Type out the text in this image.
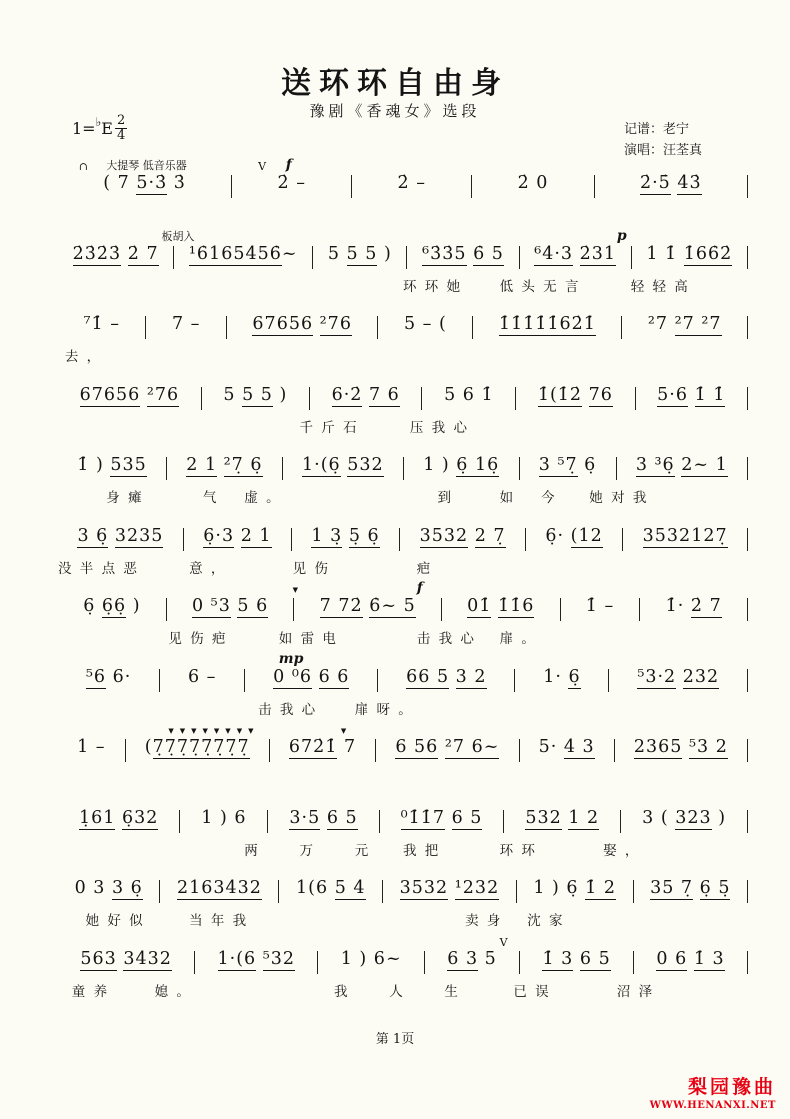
送环环自由身
豫剧《香魂女》选段
1= ♭ E $\frac{2}{4}$	记谱：老宁
演唱：汪荃真
∩ 大提琴 低音乐器	V f
( 7 5·3̇ 3̇	2̇ –	2̇ –	2̇ 0	2̇·5̇ 4̇3̇
板胡入	p
2̇3̇2̇3̇ 2̇ 7	¹6̇165456̇~	5 5 5 )	⁶3̇3̇5 6̇ 5	⁶4·3 2̇31	1 1̇ 1̇66̇2̇
环 环 她	低 头 无 言	轻 轻 高
⁷1̇ –	7 –	67656 ²76	5 – (	1̇1̇1̇1̇1̇62̇1̇	²7 ²7 ²7
去 ，
67656 ²76	5 5 5 )	6·2̇ 7 6	5 6 1̇	1̇(1̇2̇ 76	5·6 1̇ 1̇
千 斤 石	压 我 心
1̇ ) 535	2 1 ²7̣ 6̣	1·(6̣ 532	1 ) 6̣ 16̣	3 ⁵7̣ 6̣	3 ³6̣ 2~ 1
身 瘫	气 虚 。	到	如 今 她 对 我
3 6̣ 3235	6̣·3 2 1	1 3̣ 5̣ 6̣	3532 2 7̣	6̣· (12	3532127̣
没 半 点 恶	意 ，	见 伤	疤
▼	f
6̣ 6̣6̣ )	0 ⁵3 5 6	7 72̇ 6̇~ 5	01̇ 1̇1̇6	1̇ –	1̇· 2̇ 7
见 伤 疤	如 雷 电	击 我 心 扉 。
mp
⁵6 6·	6 –	0 ⁰6 6 6	66 5 3 2	1· 6̣	⁵3·2 232
击 我 心	扉 呀 。
▼▼▼▼▼▼▼▼	▼
1 –	(7̣7̣7̣7̣7̣7̣7̣7̣	672̇1̇ 7	6 56 ²7 6~	5· 4 3	2365 ⁵3 2
1̣61 6̣32	1 ) 6	3·5 6 5	⁰1̇1̇7 6 5	532 1 2	3 ( 323 )
两	万	元 我 把	环 环	娶 ，
0 3 3 6̣	2163432	1(6 5 4	3532 ¹232	1 ) 6̣ 1̇ 2	35 7̣ 6̣ 5̣
她 好 似	当 年 我	卖 身 沈 家
V
563 3432	1·(6 ⁵32	1 ) 6~	6 3 5	1̇ 3 6 5	0 6 1̇ 3
童 养	媳 。	我	人	生	已 误	沼 泽
第 1页
梨园豫曲
WWW.HENANXI.NET
